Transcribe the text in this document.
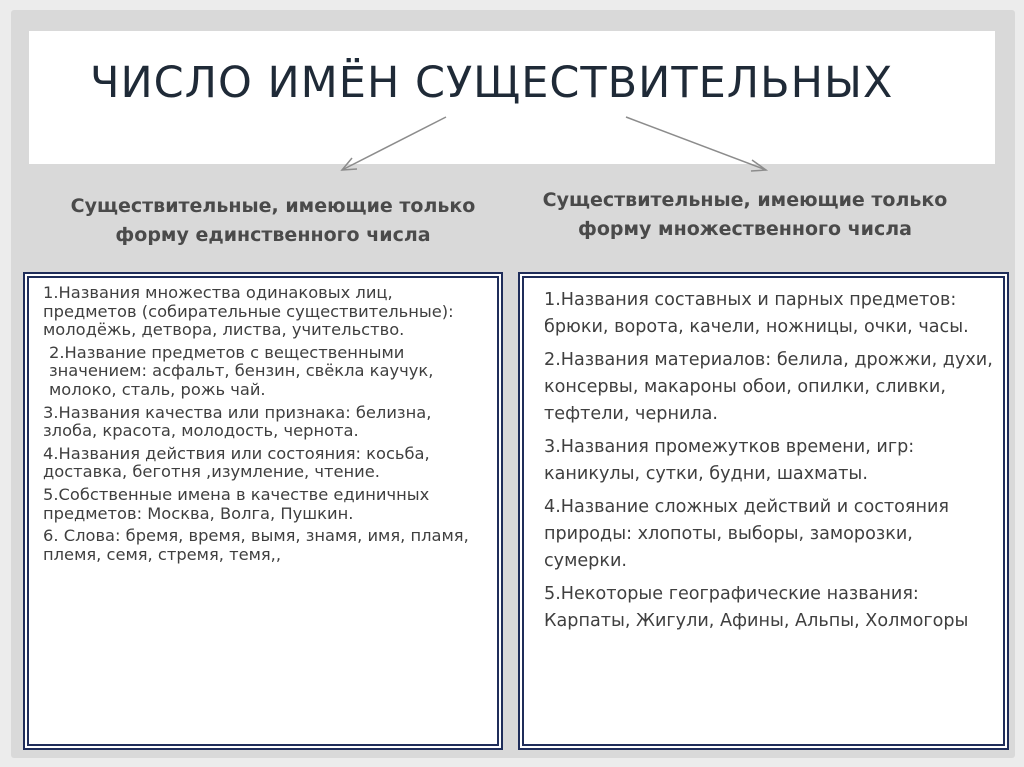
ЧИСЛО ИМЁН СУЩЕСТВИТЕЛЬНЫХ
Существительные, имеющие только форму единственного числа
Существительные, имеющие только форму множественного числа
1.Названия множества одинаковых лиц, предметов (собирательные существительные): молодёжь, детвора, листва, учительство.
2.Название предметов с вещественными значением: асфальт, бензин, свёкла каучук, молоко, сталь, рожь чай.
3.Названия качества или признака: белизна, злоба, красота, молодость, чернота.
4.Названия действия или состояния: косьба, доставка, беготня ,изумление, чтение.
5.Собственные имена в качестве единичных предметов: Москва, Волга, Пушкин.
6. Слова: бремя, время, вымя, знамя, имя, пламя, племя, семя, стремя, темя,,
1.Названия составных и парных предметов: брюки, ворота, качели, ножницы, очки, часы.
2.Названия материалов: белила, дрожжи, духи, консервы, макароны обои, опилки, сливки, тефтели, чернила.
3.Названия промежутков времени, игр: каникулы, сутки, будни, шахматы.
4.Название сложных действий и состояния природы: хлопоты, выборы, заморозки, сумерки.
5.Некоторые географические названия: Карпаты, Жигули, Афины, Альпы, Холмогоры
